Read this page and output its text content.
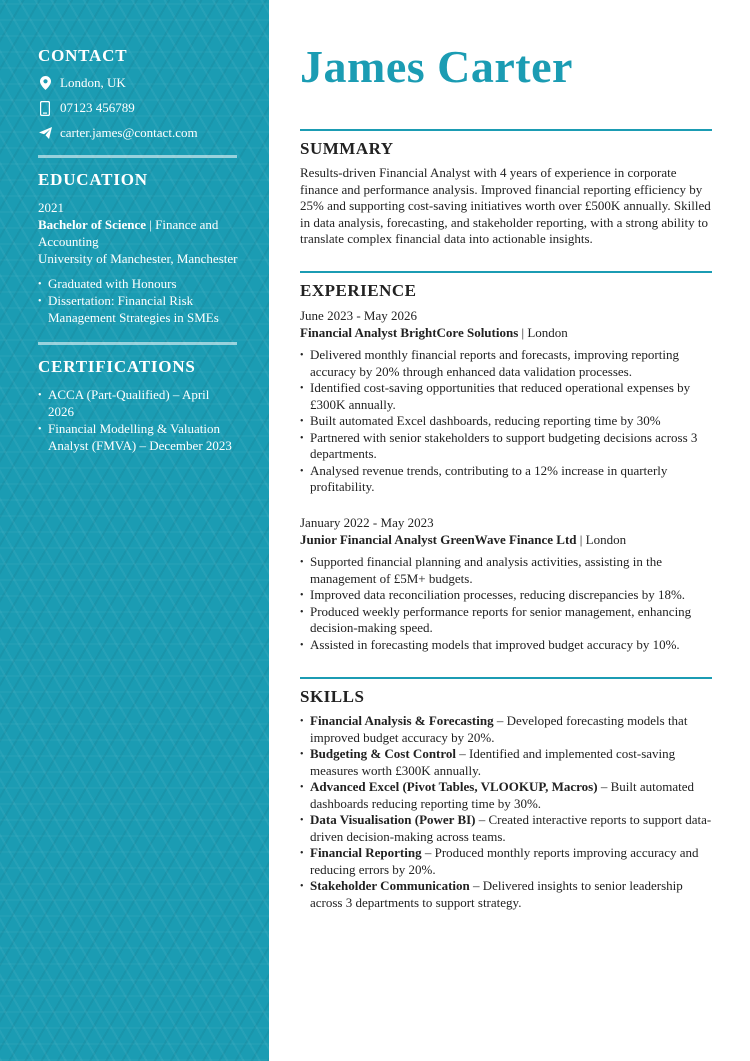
CONTACT
London, UK
07123 456789
carter.james@contact.com
EDUCATION
2021
Bachelor of Science | Finance and Accounting
University of Manchester, Manchester
• Graduated with Honours
• Dissertation: Financial Risk Management Strategies in SMEs
CERTIFICATIONS
• ACCA (Part-Qualified) – April 2026
• Financial Modelling & Valuation Analyst (FMVA) – December 2023
James Carter
SUMMARY

Results-driven Financial Analyst with 4 years of experience in corporate finance and performance analysis. Improved financial reporting efficiency by 25% and supporting cost-saving initiatives worth over £500K annually. Skilled in data analysis, forecasting, and stakeholder reporting, with a strong ability to translate complex financial data into actionable insights.

EXPERIENCE
June 2023 - May 2026
Financial Analyst BrightCore Solutions | London
• Delivered monthly financial reports and forecasts, improving reporting accuracy by 20% through enhanced data validation processes.
• Identified cost-saving opportunities that reduced operational expenses by £300K annually.
• Built automated Excel dashboards, reducing reporting time by 30%
• Partnered with senior stakeholders to support budgeting decisions across 3 departments.
• Analysed revenue trends, contributing to a 12% increase in quarterly profitability.
January 2022 - May 2023
Junior Financial Analyst GreenWave Finance Ltd | London
• Supported financial planning and analysis activities, assisting in the management of £5M+ budgets.
• Improved data reconciliation processes, reducing discrepancies by 18%.
• Produced weekly performance reports for senior management, enhancing decision-making speed.
• Assisted in forecasting models that improved budget accuracy by 10%.
SKILLS
• Financial Analysis & Forecasting – Developed forecasting models that improved budget accuracy by 20%.
• Budgeting & Cost Control – Identified and implemented cost-saving measures worth £300K annually.
• Advanced Excel (Pivot Tables, VLOOKUP, Macros) – Built automated dashboards reducing reporting time by 30%.
• Data Visualisation (Power BI) – Created interactive reports to support data-driven decision-making across teams.
• Financial Reporting – Produced monthly reports improving accuracy and reducing errors by 20%.
• Stakeholder Communication – Delivered insights to senior leadership across 3 departments to support strategy.
